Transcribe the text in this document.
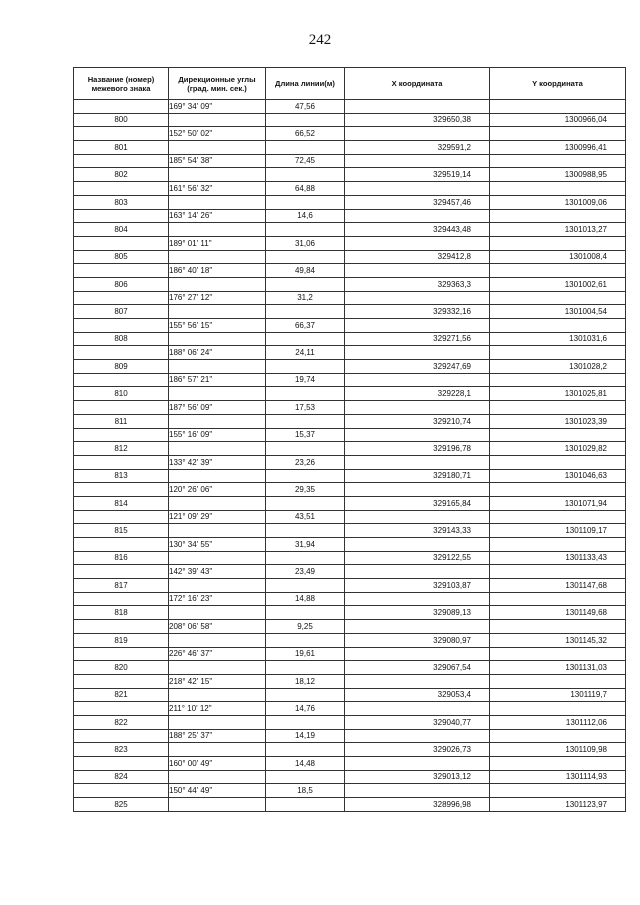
242
Название (номер) межевого знака	Дирекционные углы (град. мин. сек.)	Длина линии(м)	X координата	Y координата
	169° 34' 09"	47,56		
800			329650,38	1300966,04
	152° 50' 02"	66,52		
801			329591,2	1300996,41
	185° 54' 38"	72,45		
802			329519,14	1300988,95
	161° 56' 32"	64,88		
803			329457,46	1301009,06
	163° 14' 26"	14,6		
804			329443,48	1301013,27
	189° 01' 11"	31,06		
805			329412,8	1301008,4
	186° 40' 18"	49,84		
806			329363,3	1301002,61
	176° 27' 12"	31,2		
807			329332,16	1301004,54
	155° 56' 15"	66,37		
808			329271,56	1301031,6
	188° 06' 24"	24,11		
809			329247,69	1301028,2
	186° 57' 21"	19,74		
810			329228,1	1301025,81
	187° 56' 09"	17,53		
811			329210,74	1301023,39
	155° 16' 09"	15,37		
812			329196,78	1301029,82
	133° 42' 39"	23,26		
813			329180,71	1301046,63
	120° 26' 06"	29,35		
814			329165,84	1301071,94
	121° 09' 29"	43,51		
815			329143,33	1301109,17
	130° 34' 55"	31,94		
816			329122,55	1301133,43
	142° 39' 43"	23,49		
817			329103,87	1301147,68
	172° 16' 23"	14,88		
818			329089,13	1301149,68
	208° 06' 58"	9,25		
819			329080,97	1301145,32
	226° 46' 37"	19,61		
820			329067,54	1301131,03
	218° 42' 15"	18,12		
821			329053,4	1301119,7
	211° 10' 12"	14,76		
822			329040,77	1301112,06
	188° 25' 37"	14,19		
823			329026,73	1301109,98
	160° 00' 49"	14,48		
824			329013,12	1301114,93
	150° 44' 49"	18,5		
825			328996,98	1301123,97
